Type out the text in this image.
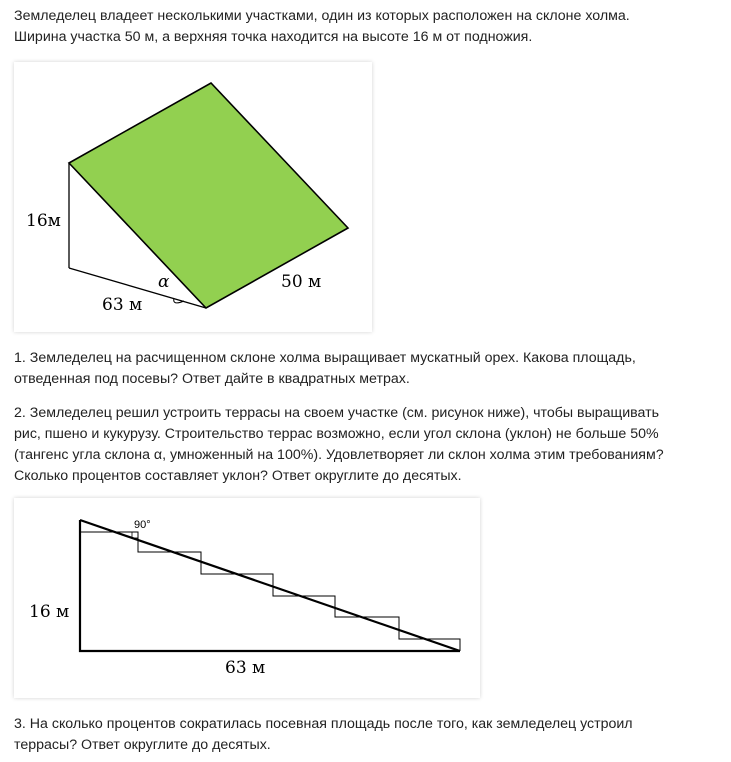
Земледелец владеет несколькими участками, один из которых расположен на склоне холма.
Ширина участка 50 м, а верхняя точка находится на высоте 16 м от подножия.

α
16м
63 м
50 м

1. Земледелец на расчищенном склоне холма выращивает мускатный орех. Какова площадь,
отведенная под посевы? Ответ дайте в квадратных метрах.

2. Земледелец решил устроить террасы на своем участке (см. рисунок ниже), чтобы выращивать
рис, пшено и кукурузу. Строительство террас возможно, если угол склона (уклон) не больше 50%
(тангенс угла склона α, умноженный на 100%). Удовлетворяет ли склон холма этим требованиям?
Сколько процентов составляет уклон? Ответ округлите до десятых.

90°
16 м
63 м

3. На сколько процентов сократилась посевная площадь после того, как земледелец устроил
террасы? Ответ округлите до десятых.
